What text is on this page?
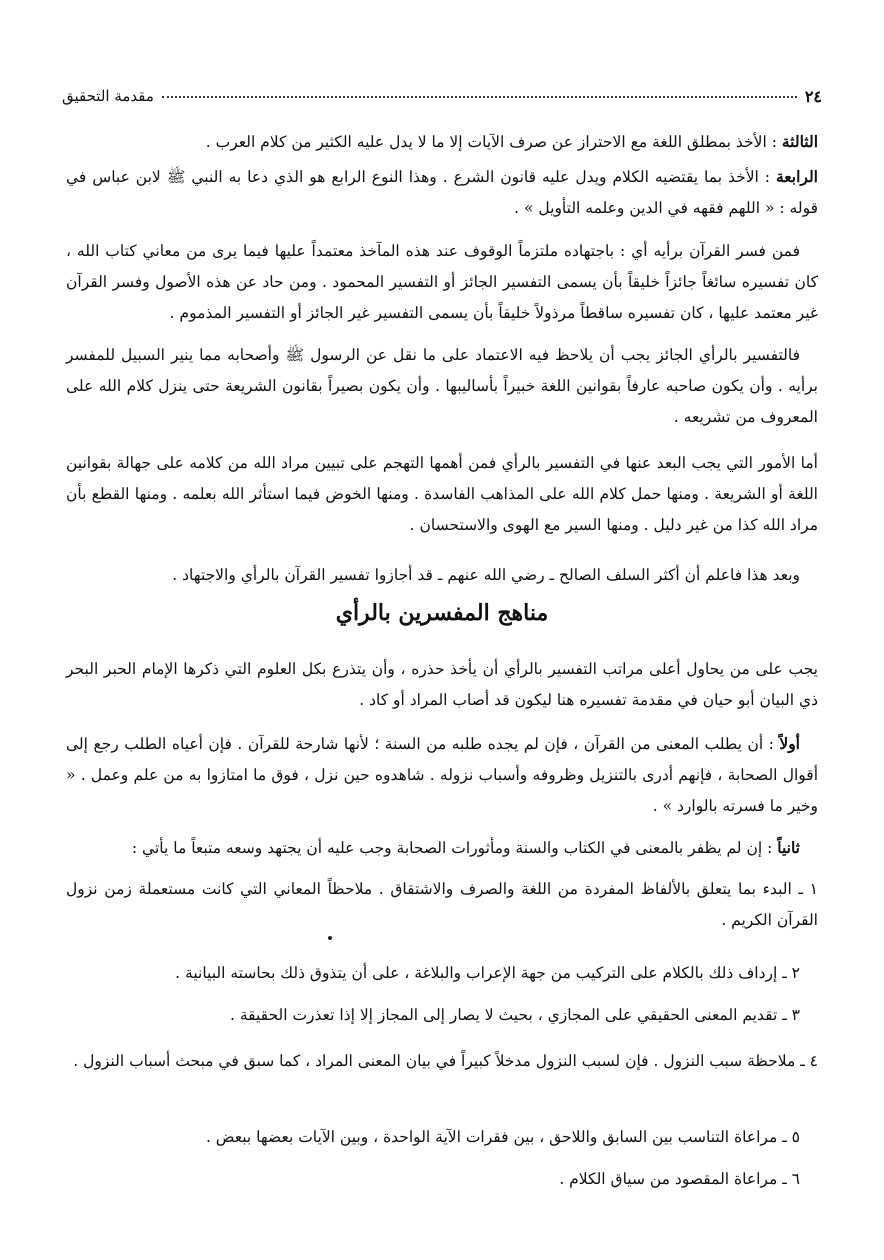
٢٤
مقدمة التحقيق
الثالثة : الأخذ بمطلق اللغة مع الاحتراز عن صرف الآيات إلا ما لا يدل عليه الكثير من كلام العرب .
الرابعة : الأخذ بما يقتضيه الكلام ويدل عليه قانون الشرع . وهذا النوع الرابع هو الذي دعا به النبي ﷺ لابن عباس في قوله : « اللهم فقهه في الدين وعلمه التأويل » .
فمن فسر القرآن برأيه أي : باجتهاده ملتزماً الوقوف عند هذه المآخذ معتمداً عليها فيما يرى من معاني كتاب الله ، كان تفسيره سائغاً جائزاً خليقاً بأن يسمى التفسير الجائز أو التفسير المحمود . ومن حاد عن هذه الأصول وفسر القرآن غير معتمد عليها ، كان تفسيره ساقطاً مرذولاً خليقاً بأن يسمى التفسير غير الجائز أو التفسير المذموم .
فالتفسير بالرأي الجائز يجب أن يلاحظ فيه الاعتماد على ما نقل عن الرسول ﷺ وأصحابه مما ينير السبيل للمفسر برأيه . وأن يكون صاحبه عارفاً بقوانين اللغة خبيراً بأساليبها . وأن يكون بصيراً بقانون الشريعة حتى ينزل كلام الله على المعروف من تشريعه .
أما الأمور التي يجب البعد عنها في التفسير بالرأي فمن أهمها التهجم على تبيين مراد الله من كلامه على جهالة بقوانين اللغة أو الشريعة . ومنها حمل كلام الله على المذاهب الفاسدة . ومنها الخوض فيما استأثر الله بعلمه . ومنها القطع بأن مراد الله كذا من غير دليل . ومنها السير مع الهوى والاستحسان .
وبعد هذا فاعلم أن أكثر السلف الصالح ـ رضي الله عنهم ـ قد أجازوا تفسير القرآن بالرأي والاجتهاد .
مناهج المفسرين بالرأي
يجب على من يحاول أعلى مراتب التفسير بالرأي أن يأخذ حذره ، وأن يتذرع بكل العلوم التي ذكرها الإمام الحبر البحر ذي البيان أبو حيان في مقدمة تفسيره هنا ليكون قد أصاب المراد أو كاد .
أولاً : أن يطلب المعنى من القرآن ، فإن لم يجده طلبه من السنة ؛ لأنها شارحة للقرآن . فإن أعياه الطلب رجع إلى أقوال الصحابة ، فإنهم أدرى بالتنزيل وظروفه وأسباب نزوله . شاهدوه حين نزل ، فوق ما امتازوا به من علم وعمل . « وخير ما فسرته بالوارد » .
ثانياً : إن لم يظفر بالمعنى في الكتاب والسنة ومأثورات الصحابة وجب عليه أن يجتهد وسعه متبعاً ما يأتي :
١ ـ البدء بما يتعلق بالألفاظ المفردة من اللغة والصرف والاشتقاق . ملاحظاً المعاني التي كانت مستعملة زمن نزول القرآن الكريم .
٢ ـ إرداف ذلك بالكلام على التركيب من جهة الإعراب والبلاغة ، على أن يتذوق ذلك بحاسته البيانية .
٣ ـ تقديم المعنى الحقيقي على المجازي ، بحيث لا يصار إلى المجاز إلا إذا تعذرت الحقيقة .
٤ ـ ملاحظة سبب النزول . فإن لسبب النزول مدخلاً كبيراً في بيان المعنى المراد ، كما سبق في مبحث أسباب النزول .
٥ ـ مراعاة التناسب بين السابق واللاحق ، بين فقرات الآية الواحدة ، وبين الآيات بعضها ببعض .
٦ ـ مراعاة المقصود من سياق الكلام .
